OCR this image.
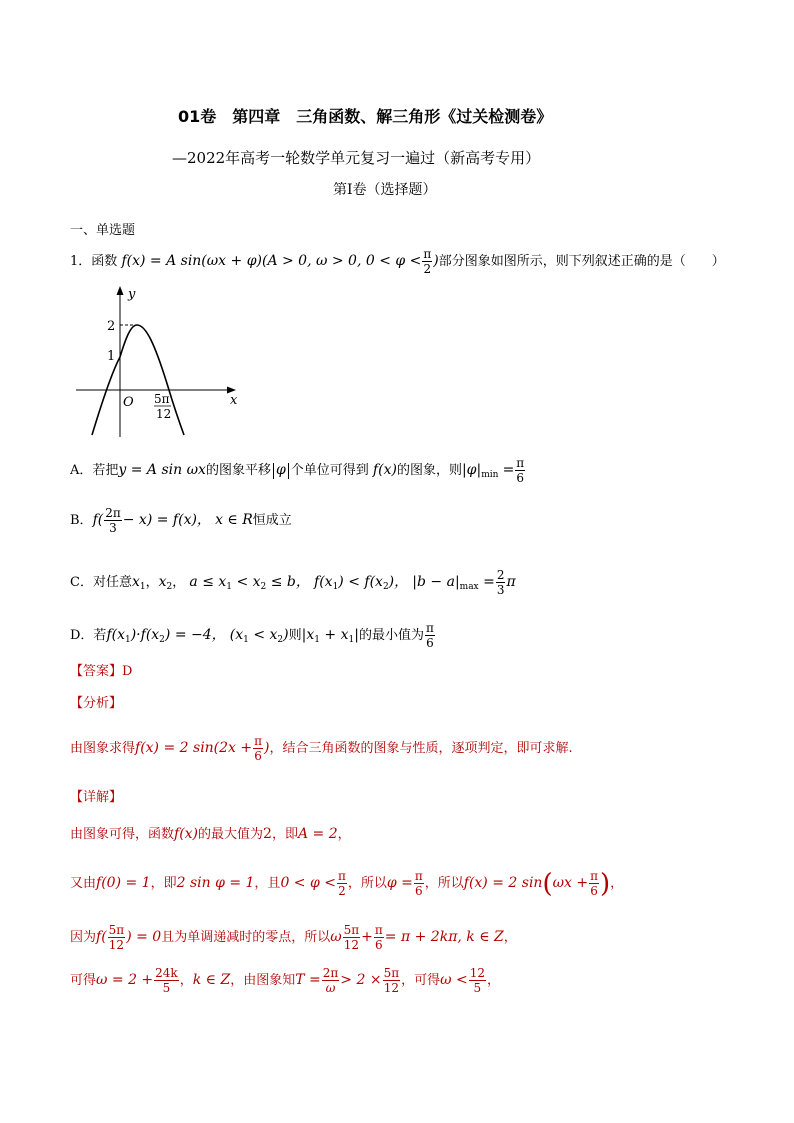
01卷　第四章　三角函数、解三角形《过关检测卷》
—2022年高考一轮数学单元复习一遍过（新高考专用）
第I卷（选择题）
一、单选题
1．函数 f(x) = A sin(ωx + φ)(A > 0, ω > 0, $0 < \varphi < \frac{\pi}{2}$ )部分图象如图所示，则下列叙述正确的是（　　）
y
x
O
2
1
5π
12
A．若把y = A sin ωx的图象平移 φ 个单位可得到 f(x)的图象，则$|\varphi|_{min} = \frac{\pi}{6}$
B．$f( \frac{2\pi}{3} - x) = f(x)$， x ∈ R恒成立
C．对任意$x_1$，$x_2$， $a \le x_1 < x_2 \le b$， $f(x_1) < f(x_2)$， $|b - a|_{max} = \frac{2}{3}$ π
D．若$f(x_1)\cdot f(x_2) = -4$， $(x_1 < x_2)$则$|x_1 + x_1|$的最小值为 $\frac{\pi}{6}$
【答案】D
【分析】
由图象求得f(x) = 2 $\sin(2x + \frac{\pi}{6}$ )，结合三角函数的图象与性质，逐项判定，即可求解.
【详解】
由图象可得，函数f(x)的最大值为2，即A = 2，
又由f(0) = 1，即2 sin φ = 1，且$0 < \varphi < \frac{\pi}{2}$ ，所以$\varphi = \frac{\pi}{6}$ ，所以f(x) = 2 $\sin(\omega x + \frac{\pi}{6}$ )，
因为$f( \frac{5\pi}{12}$ ) = 0且为单调递减时的零点，所以ω $\frac{5\pi}{12} + \frac{\pi}{6} = \pi + 2k\pi$, k ∈ Z，
可得$\omega = 2 + \frac{24k}{5}$ ，k ∈ Z，由图象知$T = \frac{2\pi}{\omega} > 2 \times \frac{5\pi}{12}$ ，可得$\omega < \frac{12}{5}$ ，
